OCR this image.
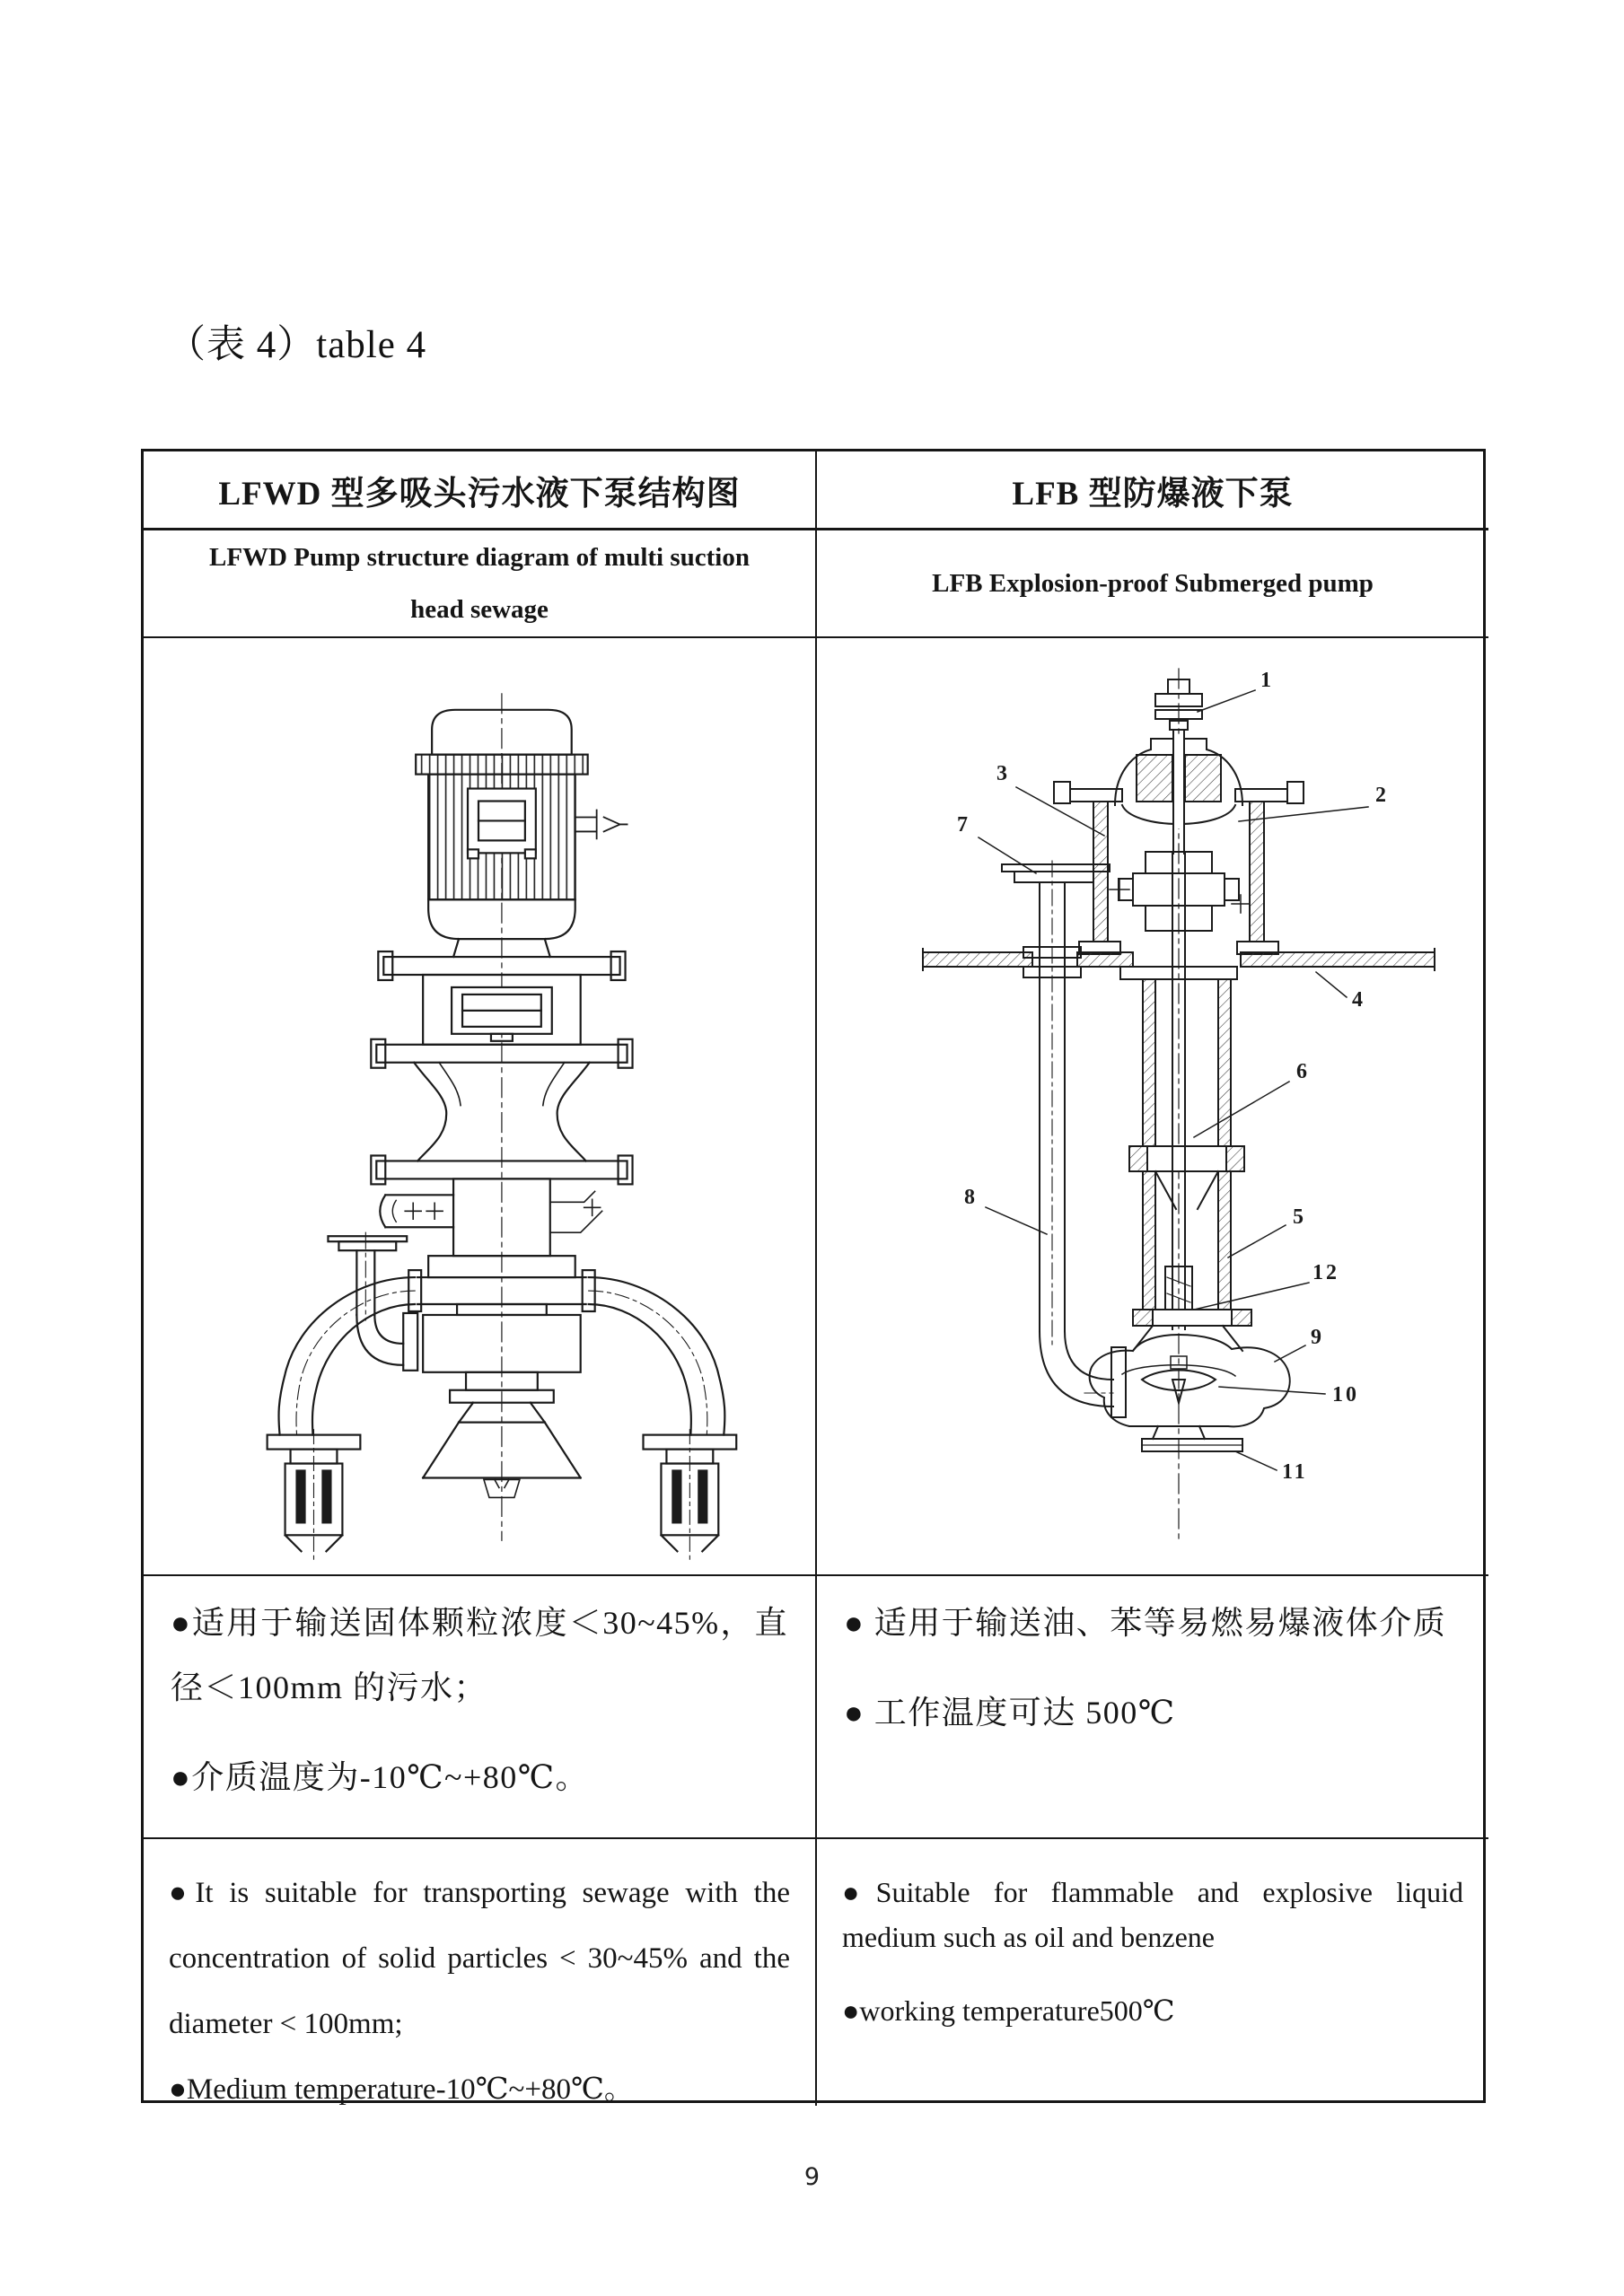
（表 4）table 4
LFWD 型多吸头污水液下泵结构图	LFB 型防爆液下泵
LFWD Pump structure diagram of multi suction head sewage
LFB Explosion-proof Submerged pump
1
2
3
4
5
6
7
8
9
10
11
12

●适用于输送固体颗粒浓度＜30~45%，直径＜100mm 的污水；

●介质温度为-10℃~+80℃。

● 适用于输送油、苯等易燃易爆液体介质

● 工作温度可达 500℃

●It is suitable for transporting sewage with the concentration of solid particles < 30~45% and the diameter < 100mm;

●Medium temperature-10℃~+80℃。

●Suitable for flammable and explosive liquid medium such as oil and benzene

●working temperature500℃

9
